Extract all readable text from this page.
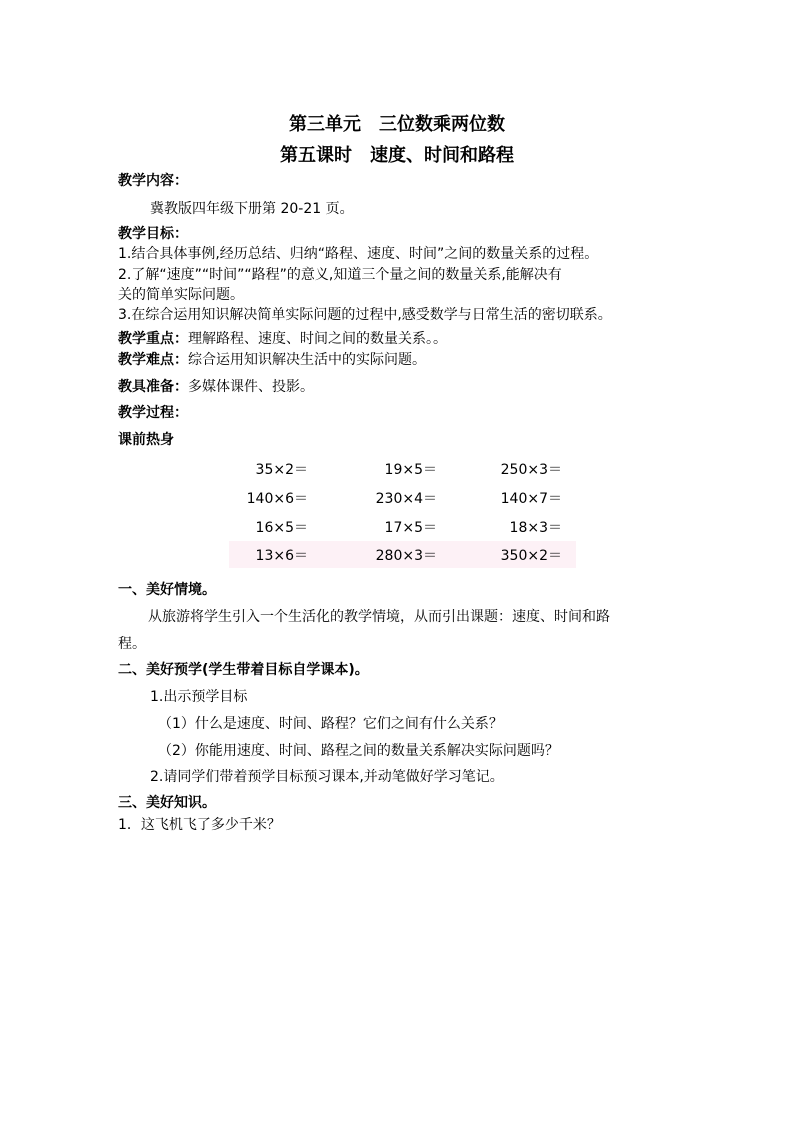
第三单元　三位数乘两位数
第五课时　速度、时间和路程
教学内容：
冀教版四年级下册第 20-21 页。
教学目标：
1.结合具体事例,经历总结、归纳“路程、速度、时间”之间的数量关系的过程。
2.了解“速度”“时间”“路程”的意义,知道三个量之间的数量关系,能解决有
关的简单实际问题。
3.在综合运用知识解决简单实际问题的过程中,感受数学与日常生活的密切联系。
教学重点：理解路程、速度、时间之间的数量关系。。
教学难点：综合运用知识解决生活中的实际问题。
教具准备：多媒体课件、投影。
教学过程：
课前热身
35×2＝	19×5＝	250×3＝
140×6＝	230×4＝	140×7＝
16×5＝	17×5＝	18×3＝
13×6＝	280×3＝	350×2＝
一、美好情境。
从旅游将学生引入一个生活化的教学情境，从而引出课题：速度、时间和路
程。
二、美好预学(学生带着目标自学课本)。
1.出示预学目标
（1）什么是速度、时间、路程？它们之间有什么关系？
（2）你能用速度、时间、路程之间的数量关系解决实际问题吗？
2.请同学们带着预学目标预习课本,并动笔做好学习笔记。
三、美好知识。
1．这飞机飞了多少千米？
